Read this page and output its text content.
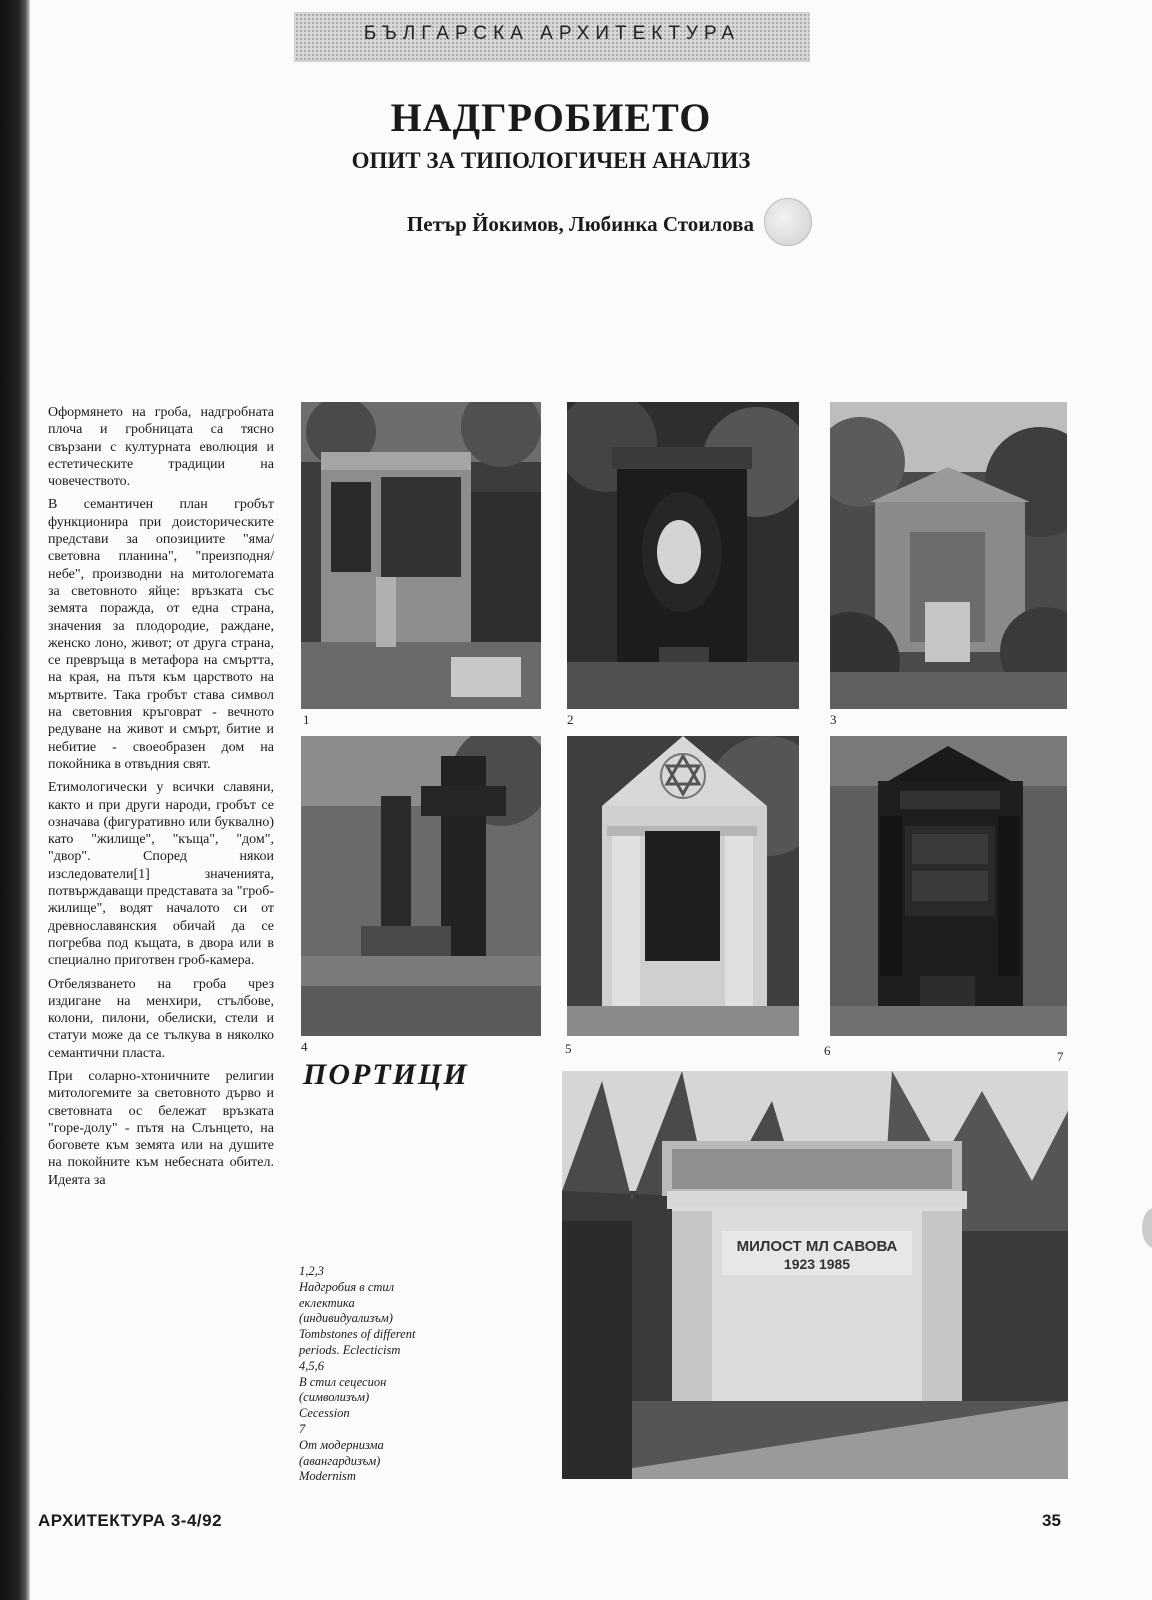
БЪЛГАРСКА АРХИТЕКТУРА
НАДГРОБИЕТО
ОПИТ ЗА ТИПОЛОГИЧЕН АНАЛИЗ
Петър Йокимов, Любинка Стоилова

Оформянето на гроба, надгробната плоча и гробницата са тясно свързани с културната еволюция и естетическите традиции на човечеството.

В семантичен план гробът функционира при доисторическите представи за опозициите "яма/световна планина", "преизподня/небе", производни на митологемата за световното яйце: връзката със земята поражда, от една страна, значения за плодородие, раждане, женско лоно, живот; от друга страна, се превръща в метафора на смъртта, на края, на пътя към царството на мъртвите. Така гробът става символ на световния кръговрат - вечното редуване на живот и смърт, битие и небитие - своеобразен дом на покойника в отвъдния свят.

Етимологически у всички славяни, както и при други народи, гробът се означава (фигуративно или буквално) като "жилище", "къща", "дом", "двор". Според някои изследователи[1] значенията, потвърждаващи представата за "гроб-жилище", водят началото си от древнославянския обичай да се погребва под къщата, в двора или в специално приготвен гроб-камера.

Отбелязването на гроба чрез издигане на менхири, стълбове, колони, пилони, обелиски, стели и статуи може да се тълкува в няколко семантични пласта.

При соларно-хтоничните религии митологемите за световното дърво и световната ос бележат връзката "горе-долу" - пътя на Слънцето, на боговете към земята или на душите на покойните към небесната обител. Идеята за

1	2	3
4	5	6	7
ПОРТИЦИ
МИЛОСТ МЛ САВОВА
1923 1985
1,2,3
Надгробия в стил
еклектика
(индивидуализъм)
Tombstones of different
periods. Eclecticism
4,5,6
В стил сецесион
(символизъм)
Cecession
7
От модернизма
(авангардизъм)
Modernism
АРХИТЕКТУРА 3-4/92	35
